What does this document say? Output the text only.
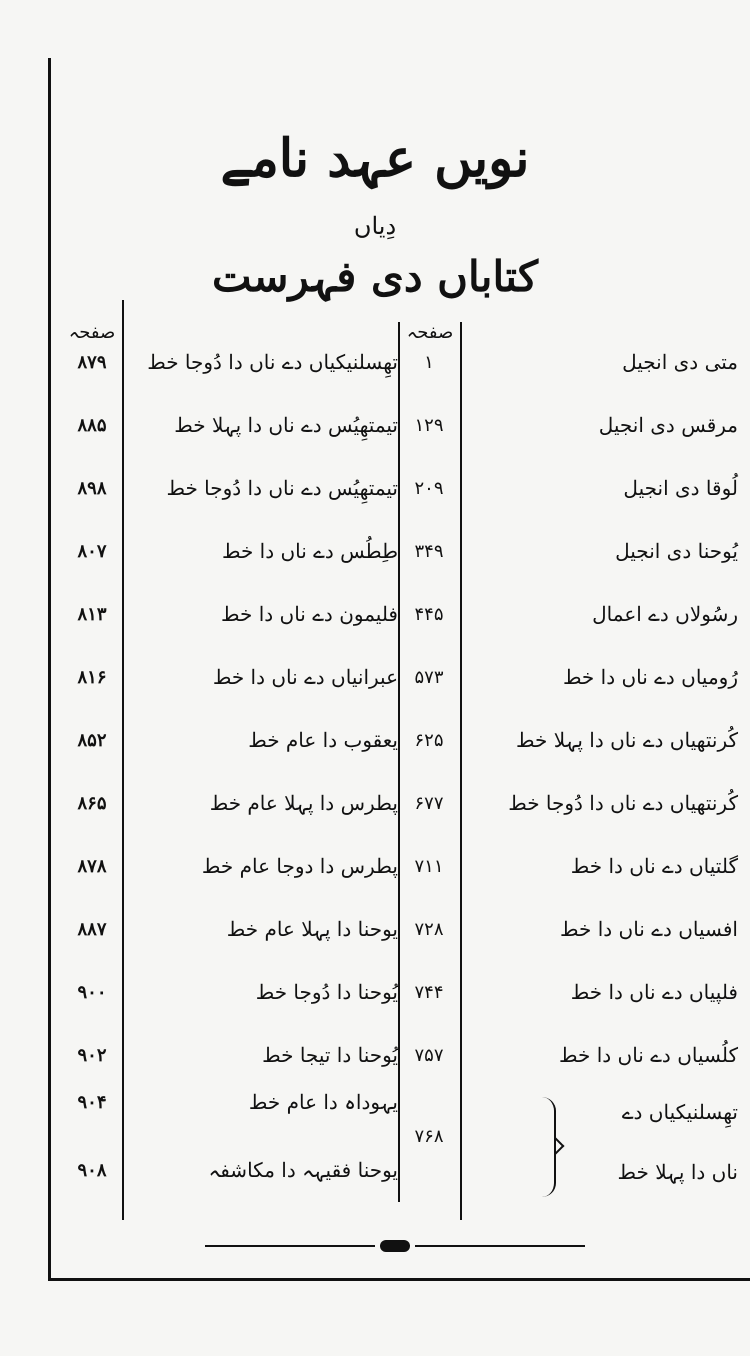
نویں عہد نامے
دِیاں
کتاباں دی فہرست
صفحہ
صفحہ
متی دی انجیل
۱
تھِسلنیکیاں دے ناں دا دُوجا خط
۸۷۹
مرقس دی انجیل
۱۲۹
تیمتھِیُس دے ناں دا پہلا خط
۸۸۵
لُوقا دی انجیل
۲۰۹
تیمتھِیُس دے ناں دا دُوجا خط
۸۹۸
یُوحنا دی انجیل
۳۴۹
طِطُس دے ناں دا خط
۸۰۷
رسُولاں دے اعمال
۴۴۵
فلیمون دے ناں دا خط
۸۱۳
رُومیاں دے ناں دا خط
۵۷۳
عبرانیاں دے ناں دا خط
۸۱۶
کُرنتھیاں دے ناں دا پہلا خط
۶۲۵
یعقوب دا عام خط
۸۵۲
کُرنتھیاں دے ناں دا دُوجا خط
۶۷۷
پطرس دا پہلا عام خط
۸۶۵
گلتیاں دے ناں دا خط
۷۱۱
پطرس دا دوجا عام خط
۸۷۸
افسیاں دے ناں دا خط
۷۲۸
یوحنا دا پہلا عام خط
۸۸۷
فلپیاں دے ناں دا خط
۷۴۴
یُوحنا دا دُوجا خط
۹۰۰
کلُسیاں دے ناں دا خط
۷۵۷
یُوحنا دا تیجا خط
۹۰۲
۹۰۴	یہوداہ دا عام خط
۹۰۸	یوحنا فقیہہ دا مکاشفہ
۷۶۸
تھِسلنیکیاں دے
ناں دا پہلا خط
